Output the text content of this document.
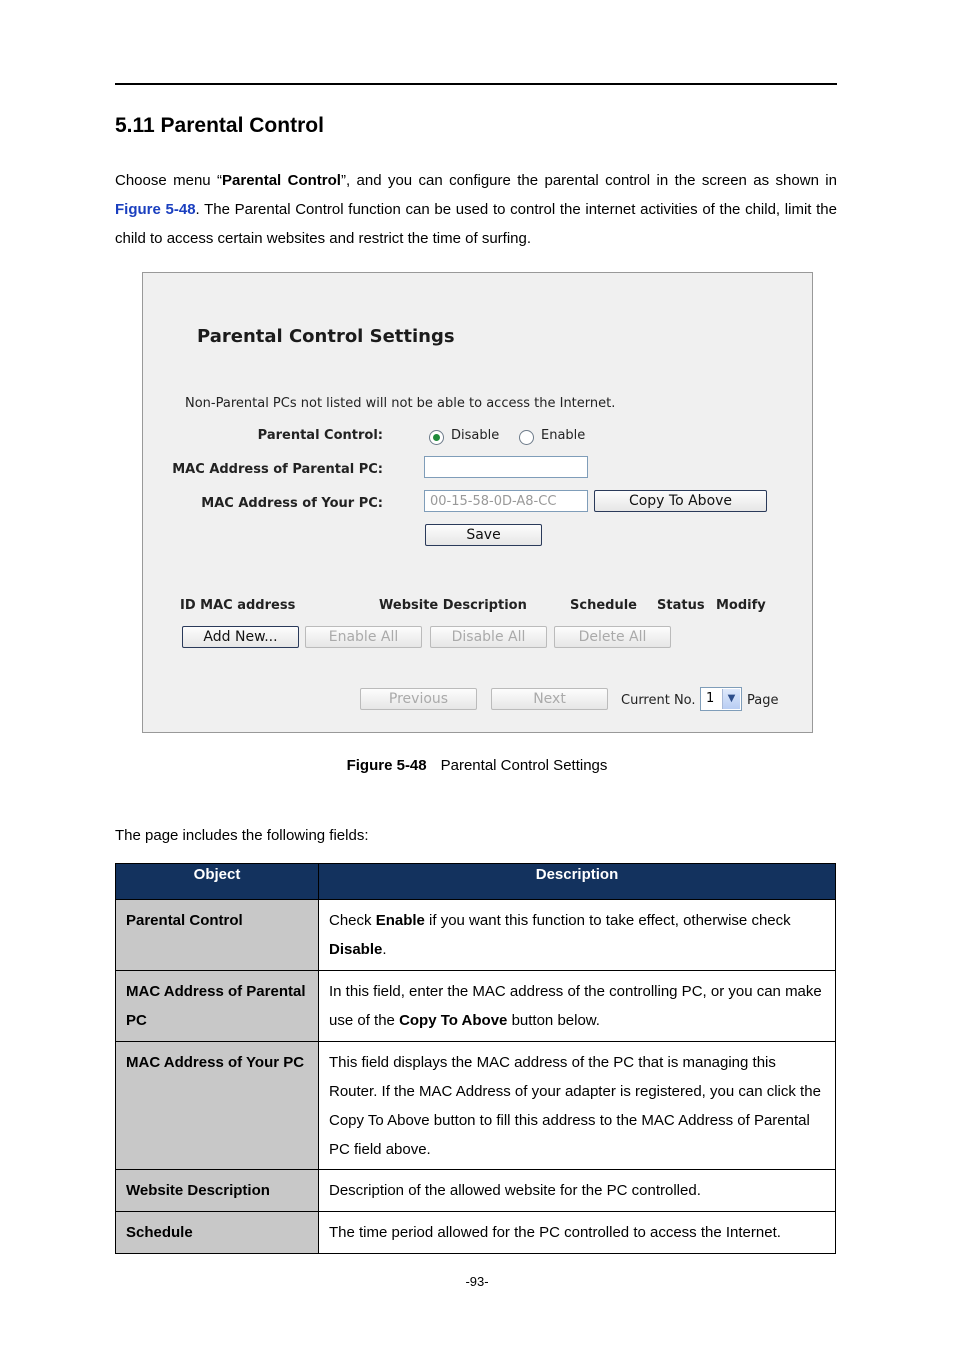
5.11 Parental Control
Choose menu “Parental Control”, and you can configure the parental control in the screen as shown in Figure 5-48. The Parental Control function can be used to control the internet activities of the child, limit the child to access certain websites and restrict the time of surfing.
Parental Control Settings
Non-Parental PCs not listed will not be able to access the Internet.
Parental Control:	Disable	Enable
MAC Address of Parental PC:
MAC Address of Your PC:	00-15-58-0D-A8-CC	Copy To Above
Save
ID MAC address	Website Description	Schedule Status Modify
Add New...	Enable All	Disable All	Delete All
Previous	Next	Current No. 1	▼ Page
Figure 5-48 Parental Control Settings
The page includes the following fields:
Object	Description
Parental Control	Check Enable if you want this function to take effect, otherwise check Disable.
MAC Address of Parental PC	In this field, enter the MAC address of the controlling PC, or you can make use of the Copy To Above button below.
MAC Address of Your PC	This field displays the MAC address of the PC that is managing this Router. If the MAC Address of your adapter is registered, you can click the Copy To Above button to fill this address to the MAC Address of Parental PC field above.
Website Description	Description of the allowed website for the PC controlled.
Schedule	The time period allowed for the PC controlled to access the Internet.
-93-
